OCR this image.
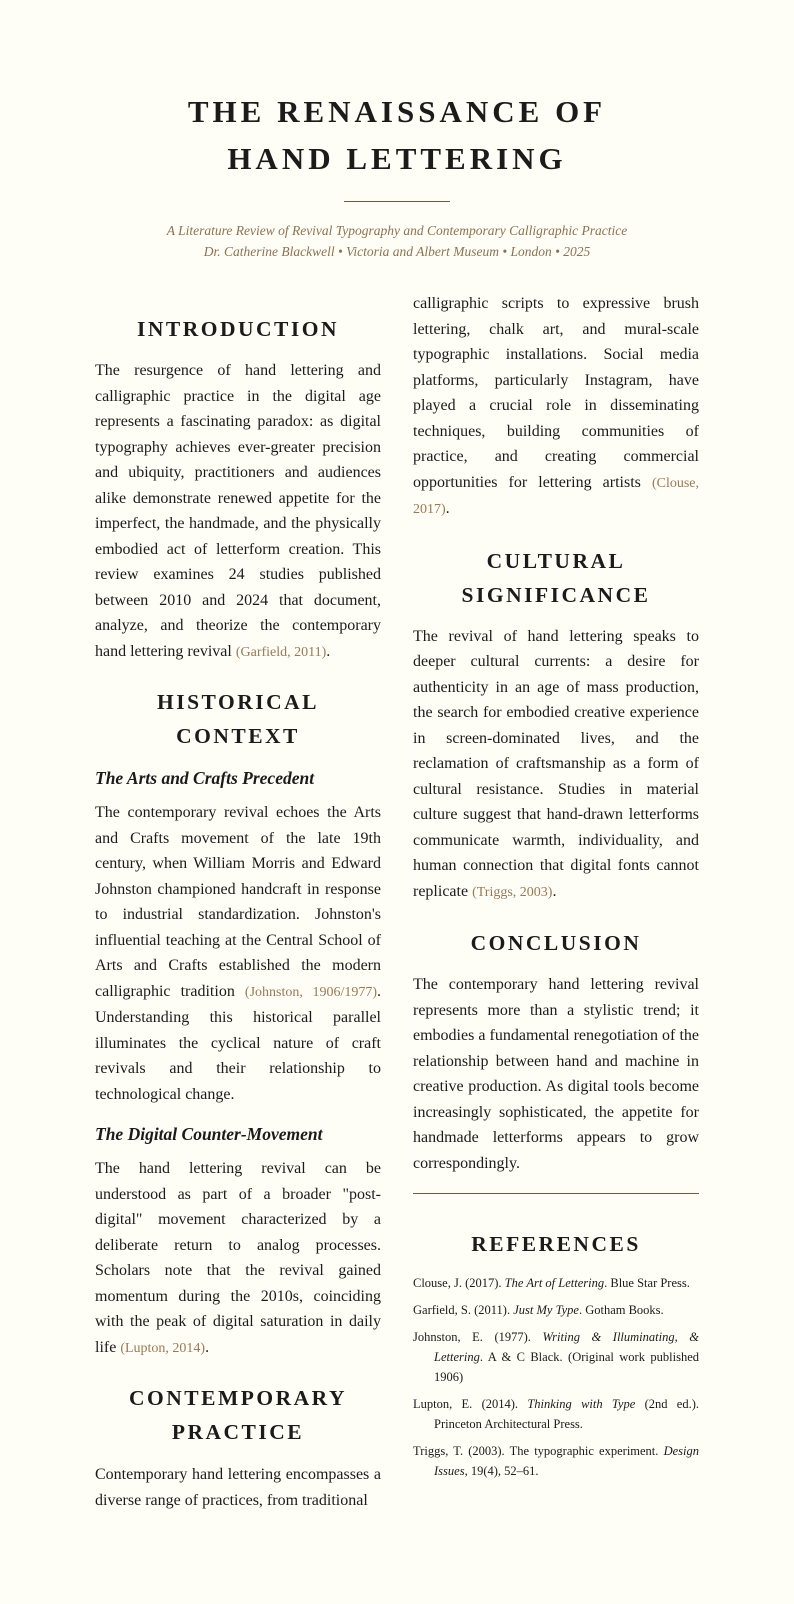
THE RENAISSANCE OF
HAND LETTERING

A Literature Review of Revival Typography and Contemporary Calligraphic Practice

Dr. Catherine Blackwell • Victoria and Albert Museum • London • 2025

INTRODUCTION

The resurgence of hand lettering and calligraphic practice in the digital age represents a fascinating paradox: as digital typography achieves ever-greater precision and ubiquity, practitioners and audiences alike demonstrate renewed appetite for the imperfect, the handmade, and the physically embodied act of letterform creation. This review examines 24 studies published between 2010 and 2024 that document, analyze, and theorize the contemporary hand lettering revival (Garfield, 2011).

HISTORICAL
CONTEXT
The Arts and Crafts Precedent

The contemporary revival echoes the Arts and Crafts movement of the late 19th century, when William Morris and Edward Johnston championed handcraft in response to industrial standardization. Johnston's influential teaching at the Central School of Arts and Crafts established the modern calligraphic tradition (Johnston, 1906/1977). Understanding this historical parallel illuminates the cyclical nature of craft revivals and their relationship to technological change.

The Digital Counter-Movement

The hand lettering revival can be understood as part of a broader "post-digital" movement characterized by a deliberate return to analog processes. Scholars note that the revival gained momentum during the 2010s, coinciding with the peak of digital saturation in daily life (Lupton, 2014).

CONTEMPORARY
PRACTICE

Contemporary hand lettering encompasses a diverse range of practices, from traditional

calligraphic scripts to expressive brush lettering, chalk art, and mural-scale typographic installations. Social media platforms, particularly Instagram, have played a crucial role in disseminating techniques, building communities of practice, and creating commercial opportunities for lettering artists (Clouse, 2017).

CULTURAL
SIGNIFICANCE

The revival of hand lettering speaks to deeper cultural currents: a desire for authenticity in an age of mass production, the search for embodied creative experience in screen-dominated lives, and the reclamation of craftsmanship as a form of cultural resistance. Studies in material culture suggest that hand-drawn letterforms communicate warmth, individuality, and human connection that digital fonts cannot replicate (Triggs, 2003).

CONCLUSION

The contemporary hand lettering revival represents more than a stylistic trend; it embodies a fundamental renegotiation of the relationship between hand and machine in creative production. As digital tools become increasingly sophisticated, the appetite for handmade letterforms appears to grow correspondingly.

REFERENCES

Clouse, J. (2017). The Art of Lettering. Blue Star Press.

Garfield, S. (2011). Just My Type. Gotham Books.

Johnston, E. (1977). Writing & Illuminating, & Lettering. A & C Black. (Original work published 1906)

Lupton, E. (2014). Thinking with Type (2nd ed.). Princeton Architectural Press.

Triggs, T. (2003). The typographic experiment. Design Issues, 19(4), 52–61.
